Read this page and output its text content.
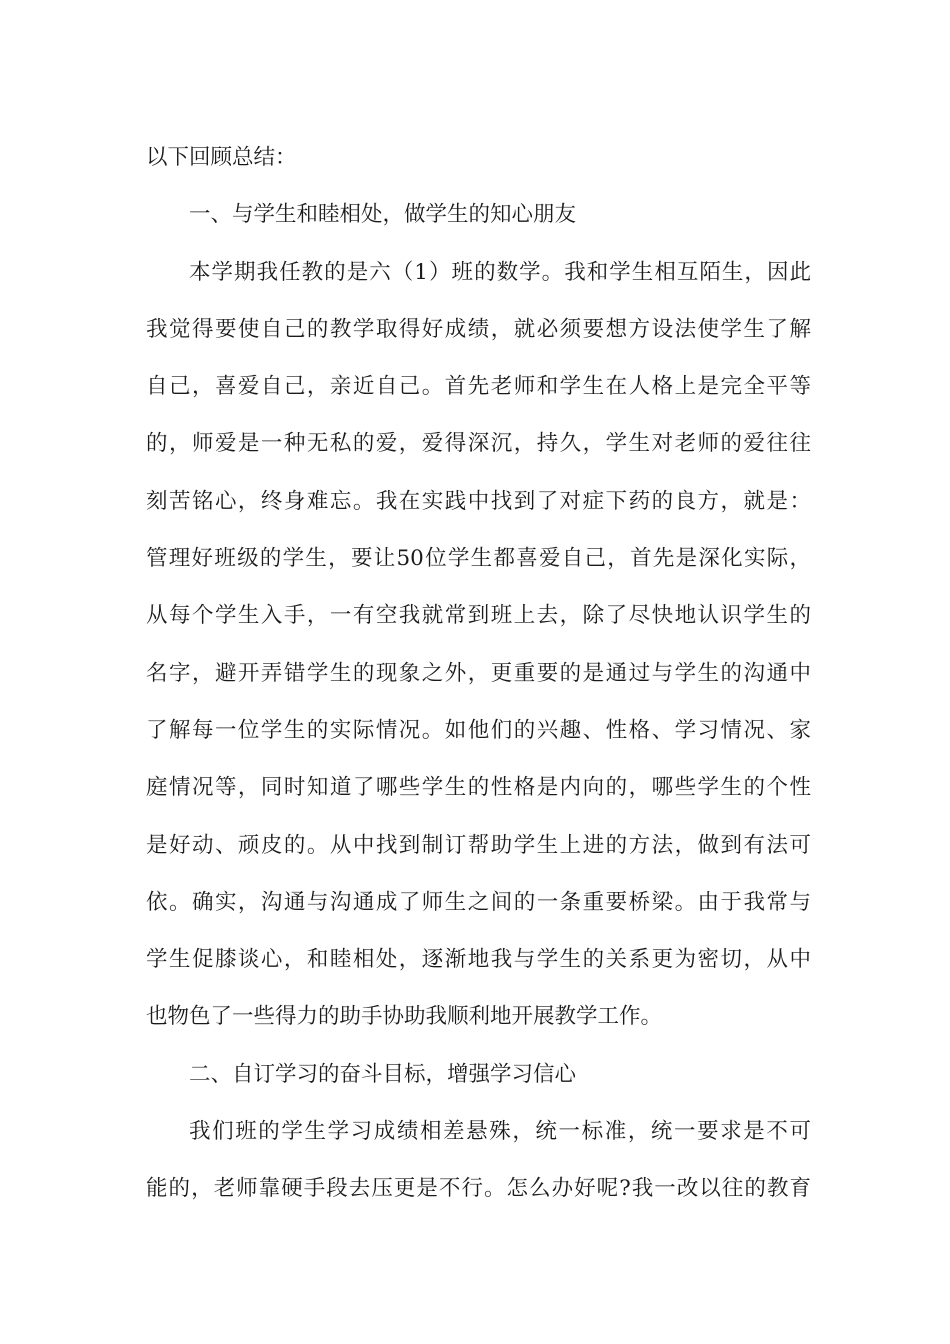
以下回顾总结：
一、与学生和睦相处，做学生的知心朋友
本学期我任教的是六（1）班的数学。我和学生相互陌生，因此
我觉得要使自己的教学取得好成绩，就必须要想方设法使学生了解
自己，喜爱自己，亲近自己。首先老师和学生在人格上是完全平等
的，师爱是一种无私的爱，爱得深沉，持久，学生对老师的爱往往
刻苦铭心，终身难忘。我在实践中找到了对症下药的良方，就是：
管理好班级的学生，要让50位学生都喜爱自己，首先是深化实际，
从每个学生入手，一有空我就常到班上去，除了尽快地认识学生的
名字，避开弄错学生的现象之外，更重要的是通过与学生的沟通中
了解每一位学生的实际情况。如他们的兴趣、性格、学习情况、家
庭情况等，同时知道了哪些学生的性格是内向的，哪些学生的个性
是好动、顽皮的。从中找到制订帮助学生上进的方法，做到有法可
依。确实，沟通与沟通成了师生之间的一条重要桥梁。由于我常与
学生促膝谈心，和睦相处，逐渐地我与学生的关系更为密切，从中
也物色了一些得力的助手协助我顺利地开展教学工作。
二、自订学习的奋斗目标，增强学习信心
我们班的学生学习成绩相差悬殊，统一标准，统一要求是不可
能的，老师靠硬手段去压更是不行。怎么办好呢?我一改以往的教育
